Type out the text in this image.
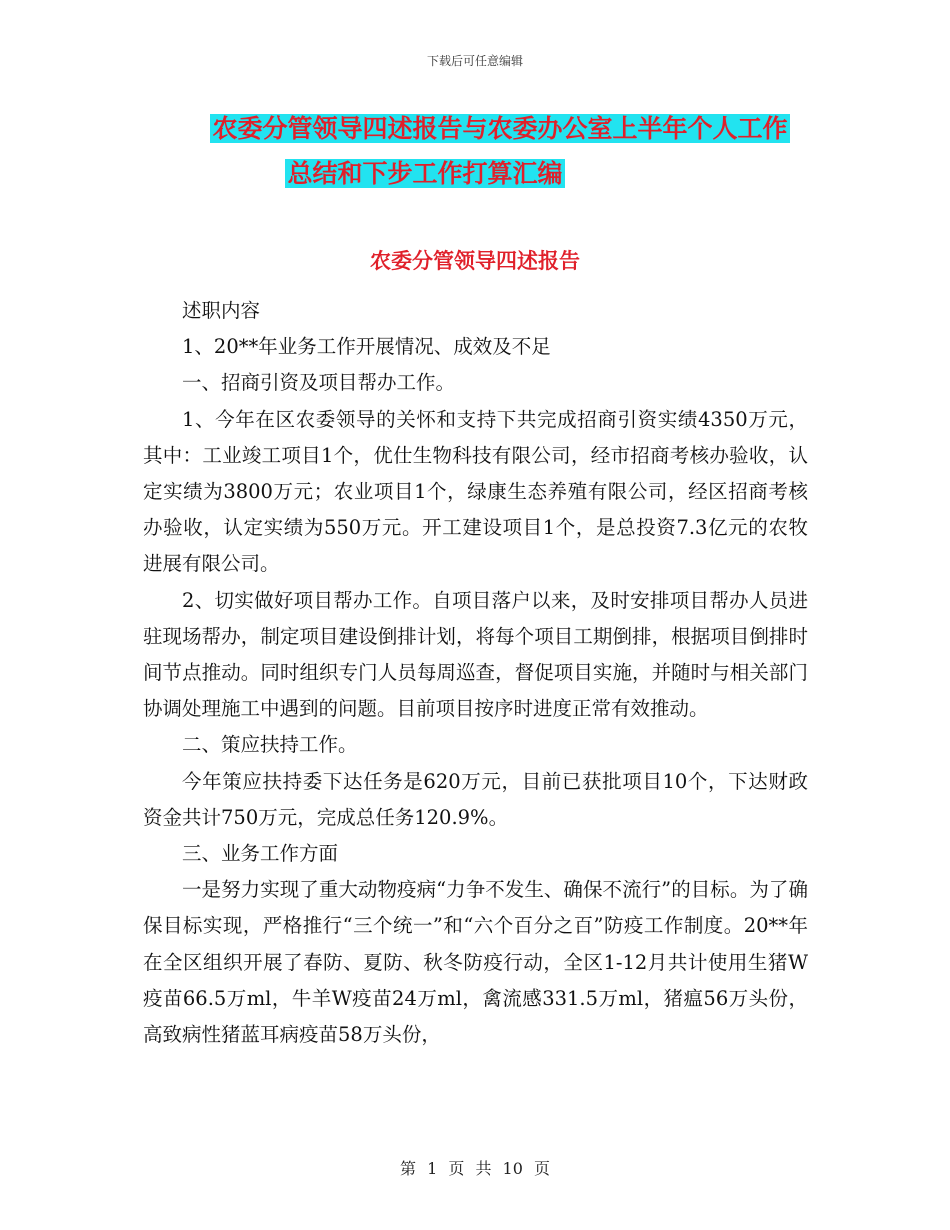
下载后可任意编辑
农委分管领导四述报告与农委办公室上半年个人工作
总结和下步工作打算汇编
农委分管领导四述报告

述职内容

1、20**年业务工作开展情况、成效及不足

一、招商引资及项目帮办工作。

1、今年在区农委领导的关怀和支持下共完成招商引资实绩4350万元，其中：工业竣工项目1个，优仕生物科技有限公司，经市招商考核办验收，认定实绩为3800万元；农业项目1个，绿康生态养殖有限公司，经区招商考核办验收，认定实绩为550万元。开工建设项目1个，是总投资7.3亿元的农牧进展有限公司。

2、切实做好项目帮办工作。自项目落户以来，及时安排项目帮办人员进驻现场帮办，制定项目建设倒排计划，将每个项目工期倒排，根据项目倒排时间节点推动。同时组织专门人员每周巡查，督促项目实施，并随时与相关部门协调处理施工中遇到的问题。目前项目按序时进度正常有效推动。

二、策应扶持工作。

今年策应扶持委下达任务是620万元，目前已获批项目10个，下达财政资金共计750万元，完成总任务120.9%。

三、业务工作方面

一是努力实现了重大动物疫病“力争不发生、确保不流行”的目标。为了确保目标实现，严格推行“三个统一”和“六个百分之百”防疫工作制度。20**年在全区组织开展了春防、夏防、秋冬防疫行动，全区1-12月共计使用生猪W疫苗66.5万ml，牛羊W疫苗24万ml，禽流感331.5万ml，猪瘟56万头份，高致病性猪蓝耳病疫苗58万头份，

第 1 页 共 10 页
